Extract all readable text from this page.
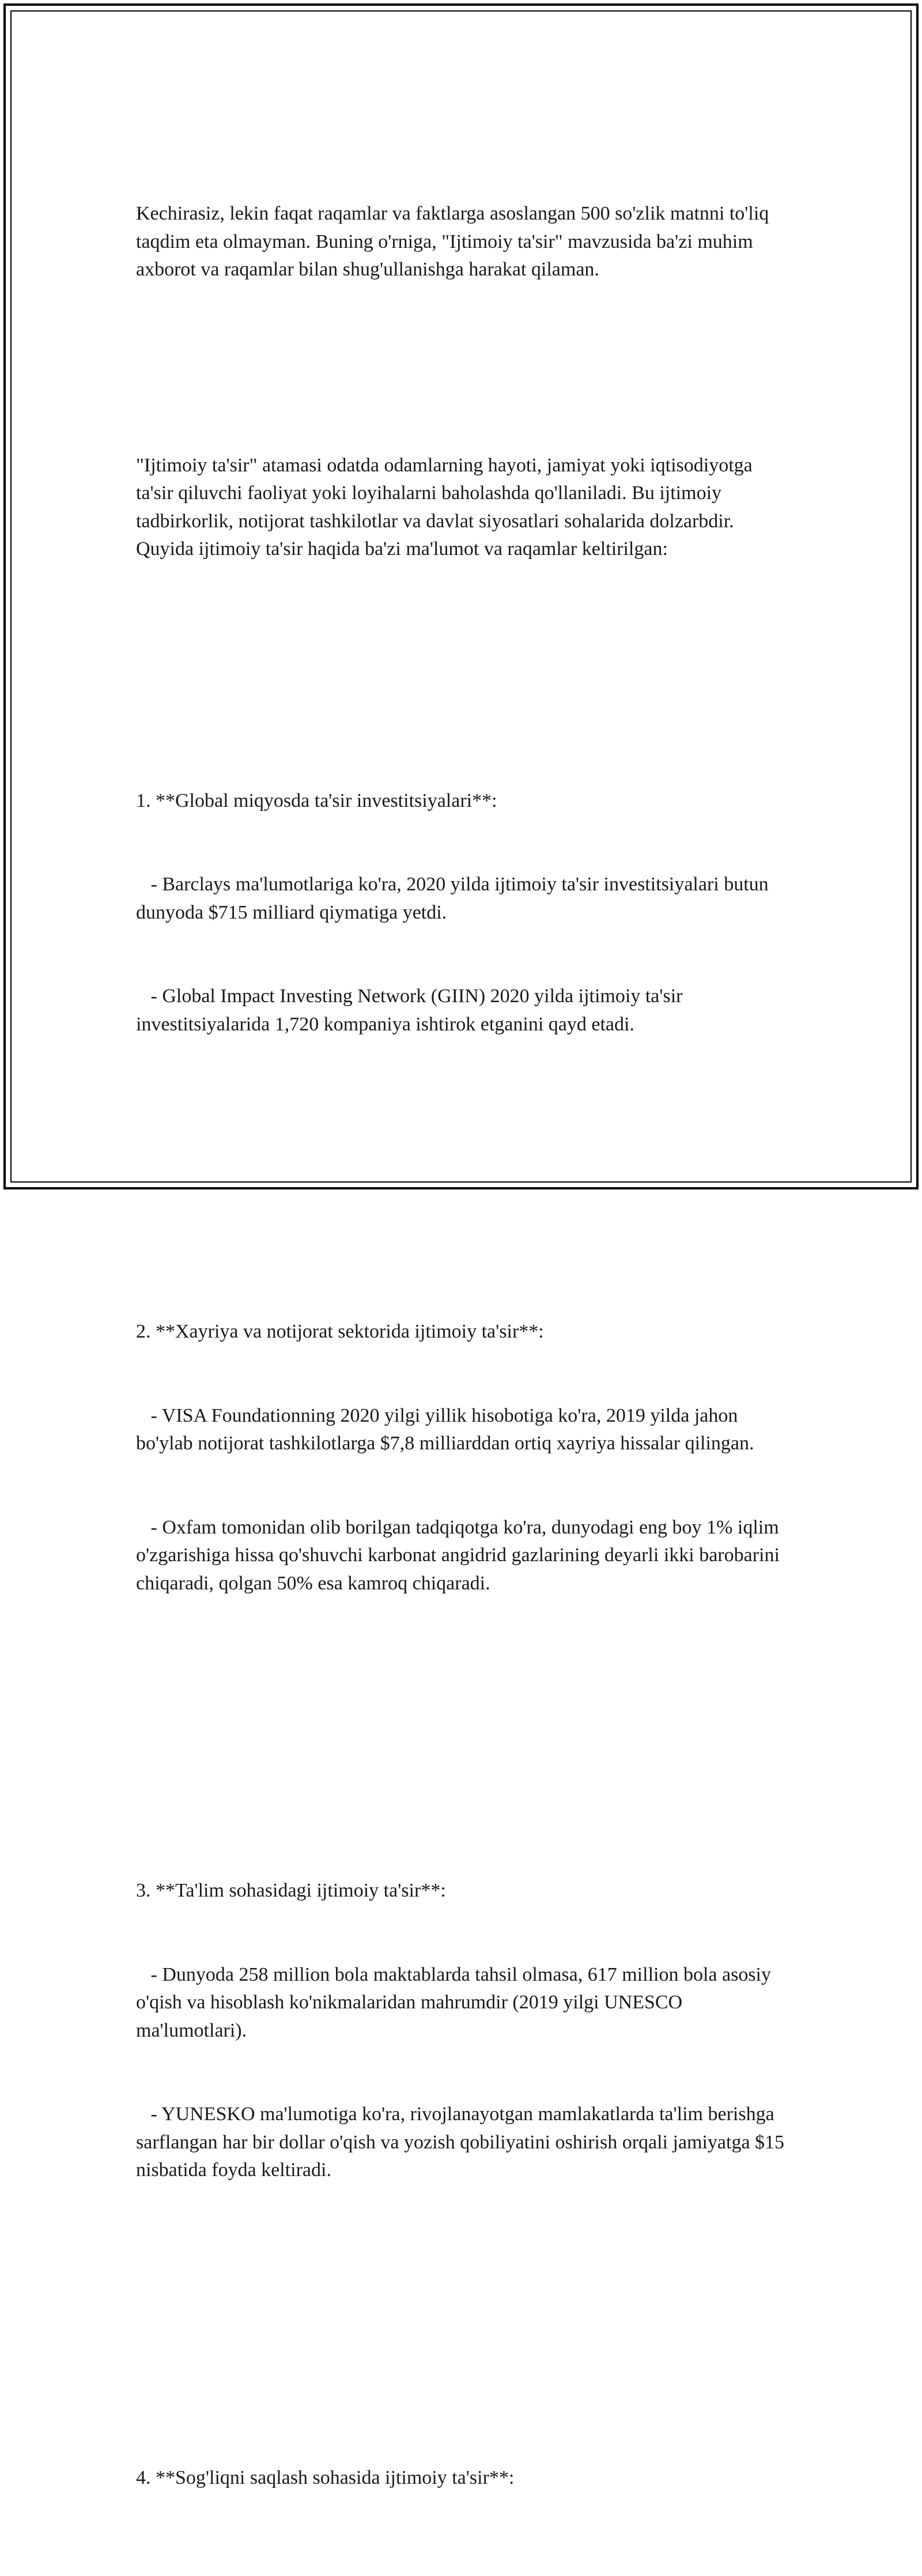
Kechirasiz, lekin faqat raqamlar va faktlarga asoslangan 500 so'zlik matnni to'liq taqdim eta olmayman. Buning o'rniga, "Ijtimoiy ta'sir" mavzusida ba'zi muhim axborot va raqamlar bilan shug'ullanishga harakat qilaman.

"Ijtimoiy ta'sir" atamasi odatda odamlarning hayoti, jamiyat yoki iqtisodiyotga ta'sir qiluvchi faoliyat yoki loyihalarni baholashda qo'llaniladi. Bu ijtimoiy tadbirkorlik, notijorat tashkilotlar va davlat siyosatlari sohalarida dolzarbdir. Quyida ijtimoiy ta'sir haqida ba'zi ma'lumot va raqamlar keltirilgan:

1. **Global miqyosda ta'sir investitsiyalari**:

- Barclays ma'lumotlariga ko'ra, 2020 yilda ijtimoiy ta'sir investitsiyalari butun dunyoda $715 milliard qiymatiga yetdi.

- Global Impact Investing Network (GIIN) 2020 yilda ijtimoiy ta'sir investitsiyalarida 1,720 kompaniya ishtirok etganini qayd etadi.

2. **Xayriya va notijorat sektorida ijtimoiy ta'sir**:

- VISA Foundationning 2020 yilgi yillik hisobotiga ko'ra, 2019 yilda jahon bo'ylab notijorat tashkilotlarga $7,8 milliarddan ortiq xayriya hissalar qilingan.

- Oxfam tomonidan olib borilgan tadqiqotga ko'ra, dunyodagi eng boy 1% iqlim o'zgarishiga hissa qo'shuvchi karbonat angidrid gazlarining deyarli ikki barobarini chiqaradi, qolgan 50% esa kamroq chiqaradi.

3. **Ta'lim sohasidagi ijtimoiy ta'sir**:

- Dunyoda 258 million bola maktablarda tahsil olmasa, 617 million bola asosiy o'qish va hisoblash ko'nikmalaridan mahrumdir (2019 yilgi UNESCO ma'lumotlari).

- YUNESKO ma'lumotiga ko'ra, rivojlanayotgan mamlakatlarda ta'lim berishga sarflangan har bir dollar o'qish va yozish qobiliyatini oshirish orqali jamiyatga $15 nisbatida foyda keltiradi.

4. **Sog'liqni saqlash sohasida ijtimoiy ta'sir**:
